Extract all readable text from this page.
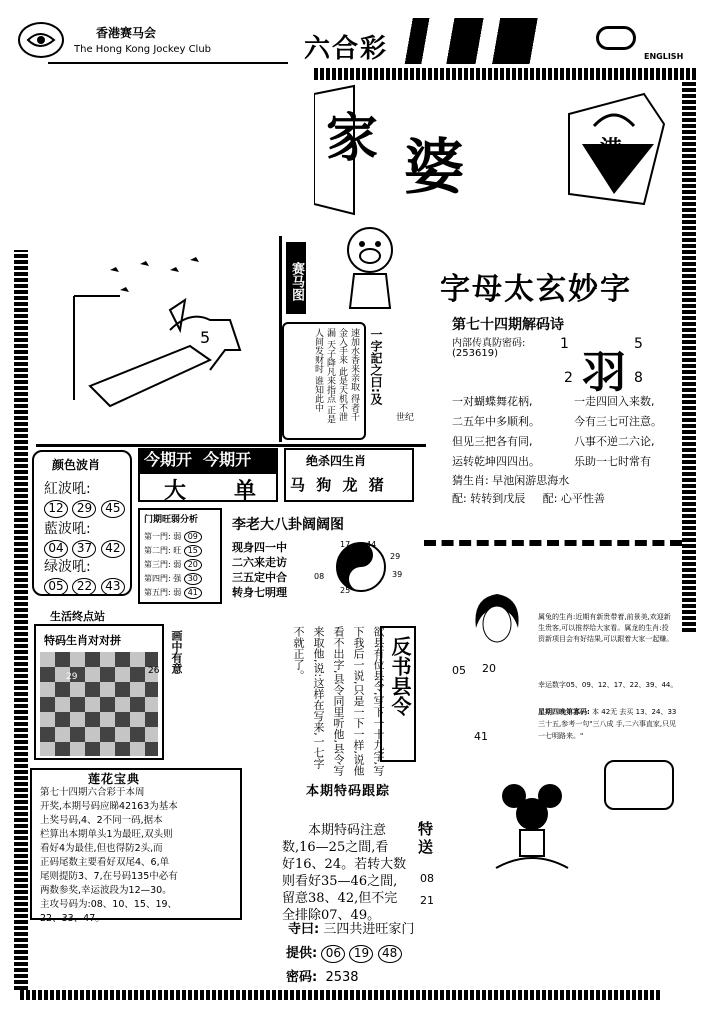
香港赛马会
The Hong Kong Jockey Club	六合彩	ENGLISH
家 婆	港
5
赛马图
一字記之曰:及
速加水香来亲取 得者千金入手来 此是天机不泄漏 天子降凡来指点 正是人间发财时 谁知此中
世纪
字母太玄妙字
第七十四期解码诗
内部传真防密码:
(253619)
1	5
2	8
羽
一对蝴蝶舞花柄,
二五年中多顺利。
但见三把各有同,
运转乾坤四四出。
一走四回入来数,
今有三七可注意。
八事不逆二六论,
乐助一七时常有
猜生肖: 早池闲游思海水
配: 转转到戊辰 配: 心平性善
颜色波肖
紅波吼:
12 29 45
藍波吼:
04 37 42
绿波吼:
05 22 43
今期开 今期开
大 单
绝杀四生肖
马 狗 龙 猪
门期旺弱分析
第一門: 弱 09
第二門: 旺 15
第三門: 弱 20
第四門: 强 30
第五門: 弱 41
李老大八卦阔阔图
现身四一中
二六来走访
三五定中合
转身七明理
17 44
29
39
08
25
生活终点站
特码生肖对对拼
26
29
画中有意	欲县有位县令,写下一十九字,写下我后一说,只是一下一样,说他看不出字,县令同里听他,县令写来取他,说:这样在写来,一七字不就正了。	反书县令
属兔的生肖:近期有新贵带着,前景美,欢迎新生贵客,可以推荐给大家看。属龙的生肖:投资新项目会有好结果,可以跟着大家一起赚。
幸运数字05、09、12、17、22、39、44。
星期四晚第寡码: 本 42无 去买 13、24、33三十五,参考一句"三八成 手,二六事直家,只见一七明路来。"
05 20
41
莲花宝典
第七十四期六合彩于本周
开奖,本期号码应睇42163为基本
上奖号码,4、2不同一码,据本
栏算出本期单头1为最旺,双头则
看好4为最佳,但也得防2头,而
正码尾数主要看好双尾4、6,单
尾则提防3、7,在号码135中必有
两数参奖,幸运波段为12—30。
主攻号码为:08、10、15、19、
22、33、47。
本期特码跟踪
本期特码注意
数,16—25之間,看
好16、24。若转大数
则看好35—46之間,
留意38、42,但不完
全排除07、49。
特送
08
21
寺曰: 三四共进旺家门
提供: 06 19 48
密码: 2538
